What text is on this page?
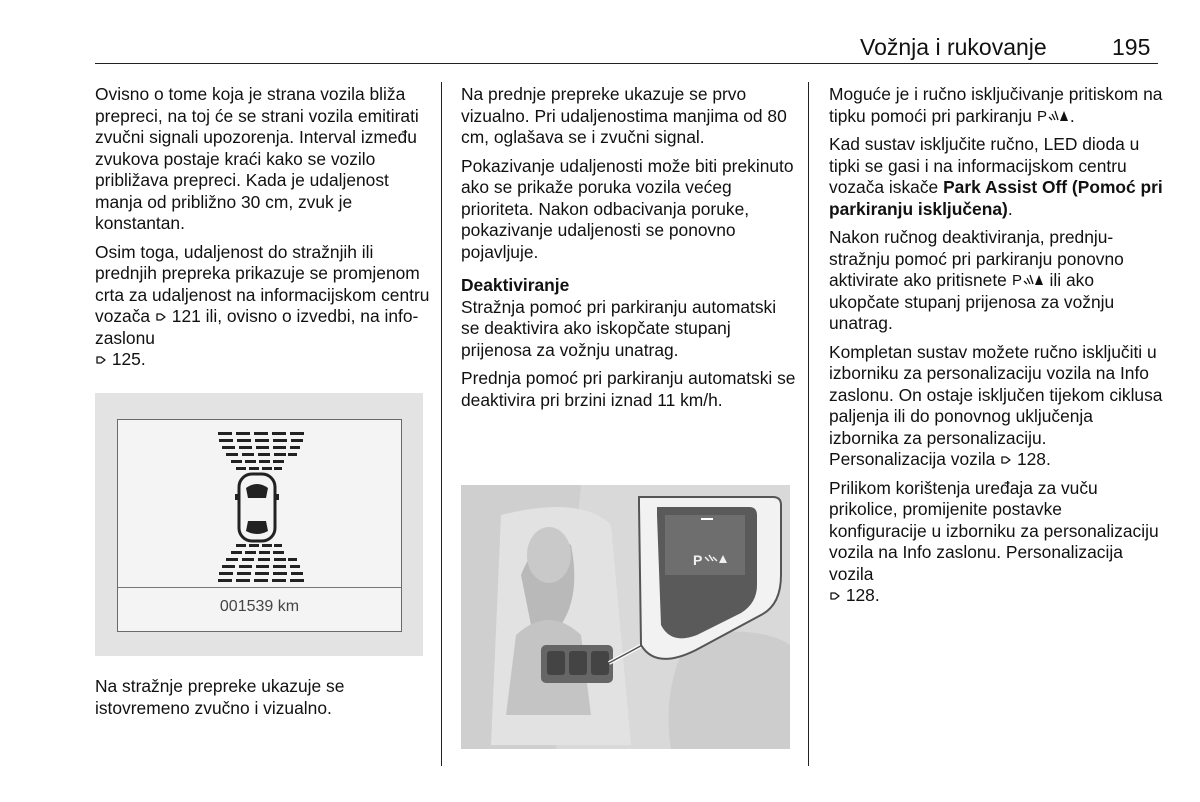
Vožnja i rukovanje	195

Ovisno o tome koja je strana vozila bliža prepreci, na toj će se strani vozila emitirati zvučni signali upozorenja. Interval između zvukova postaje kraći kako se vozilo približava prepreci. Kada je udaljenost manja od približno 30 cm, zvuk je konstantan.

Osim toga, udaljenost do stražnjih ili prednjih prepreka prikazuje se promjenom crta za udaljenost na informacijskom centru vozača  121 ili, ovisno o izvedbi, na info-zaslonu
125.

001539 km

Na stražnje prepreke ukazuje se istovremeno zvučno i vizualno.

Na prednje prepreke ukazuje se prvo vizualno. Pri udaljenostima manjima od 80 cm, oglašava se i zvučni signal.

Pokazivanje udaljenosti može biti prekinuto ako se prikaže poruka vozila većeg prioriteta. Nakon odbacivanja poruke, pokazivanje udaljenosti se ponovno pojavljuje.

Deaktiviranje

Stražnja pomoć pri parkiranju automatski se deaktivira ako iskopčate stupanj prijenosa za vožnju unatrag.

Prednja pomoć pri parkiranju automatski se deaktivira pri brzini iznad 11 km/h.

P

Moguće je i ručno isključivanje pritiskom na tipku pomoći pri parkiranju P .

Kad sustav isključite ručno, LED dioda u tipki se gasi i na informacijskom centru vozača iskače Park Assist Off (Pomoć pri parkiranju isključena).

Nakon ručnog deaktiviranja, prednju-stražnju pomoć pri parkiranju ponovno aktivirate ako pritisnete P ili ako ukopčate stupanj prijenosa za vožnju unatrag.

Kompletan sustav možete ručno isključiti u izborniku za personalizaciju vozila na Info zaslonu. On ostaje isključen tijekom ciklusa paljenja ili do ponovnog uključenja izbornika za personalizaciju. Personalizacija vozila  128.

Prilikom korištenja uređaja za vuču prikolice, promijenite postavke konfiguracije u izborniku za personalizaciju vozila na Info zaslonu. Personalizacija vozila
128.
